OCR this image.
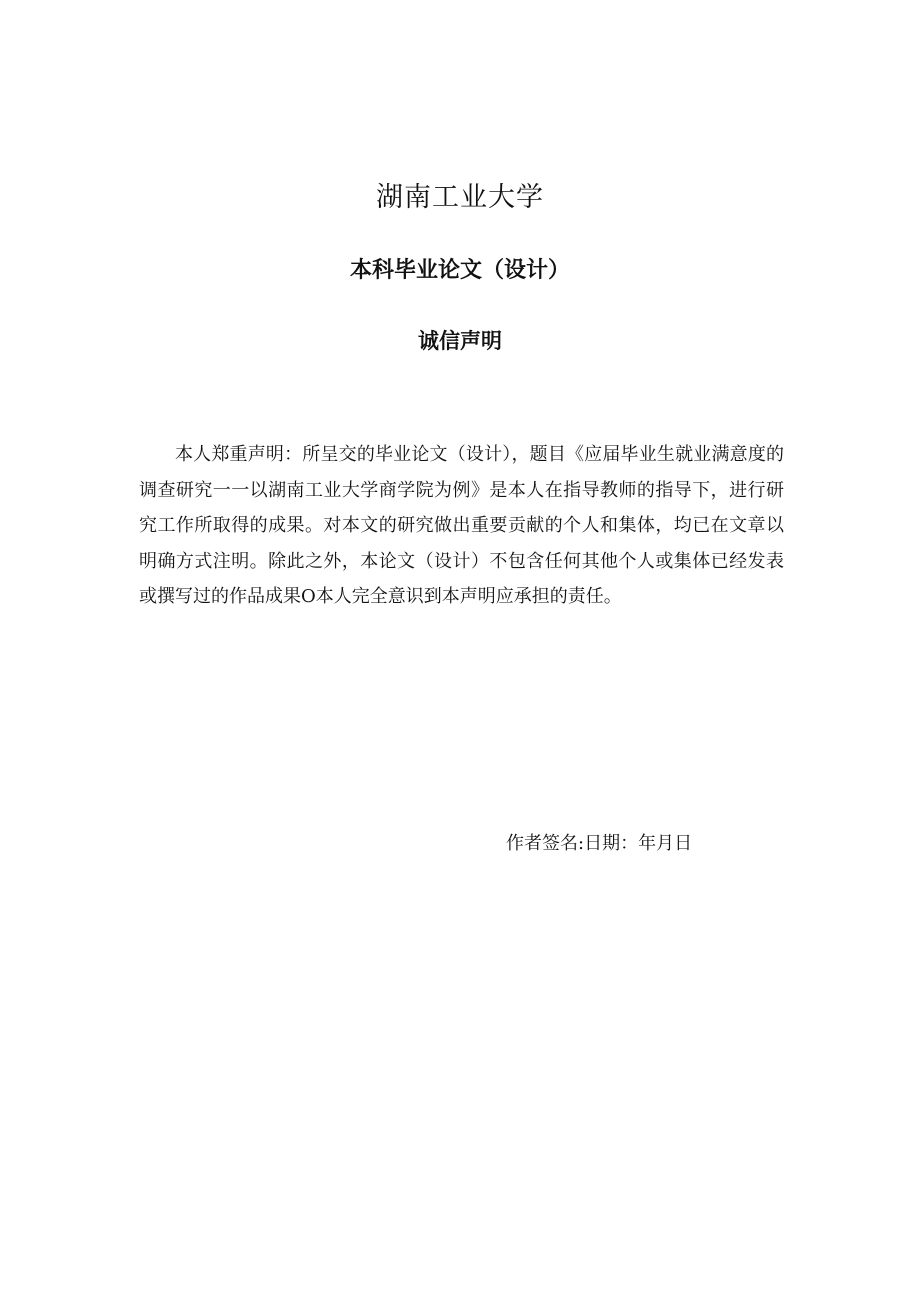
湖南工业大学
本科毕业论文（设计）
诚信声明

本人郑重声明：所呈交的毕业论文（设计），题目《应届毕业生就业满意度的调查研究一一以湖南工业大学商学院为例》是本人在指导教师的指导下，进行研究工作所取得的成果。对本文的研究做出重要贡献的个人和集体，均已在文章以明确方式注明。除此之外，本论文（设计）不包含任何其他个人或集体已经发表或撰写过的作品成果O本人完全意识到本声明应承担的责任。

作者签名:日期：年月日
